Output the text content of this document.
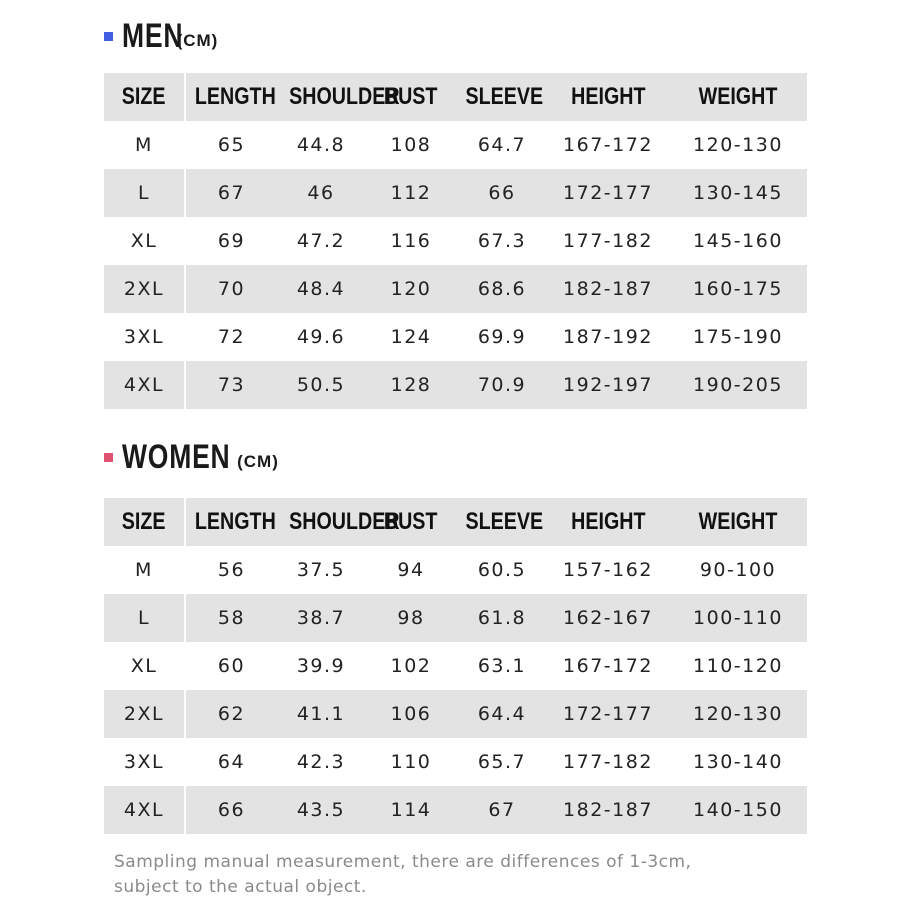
MEN
(CM)
SIZE	LENGTH	SHOULDER	BUST	SLEEVE	HEIGHT	WEIGHT
M	65	44.8	108	64.7	167-172	120-130
L	67	46	112	66	172-177	130-145
XL	69	47.2	116	67.3	177-182	145-160
2XL	70	48.4	120	68.6	182-187	160-175
3XL	72	49.6	124	69.9	187-192	175-190
4XL	73	50.5	128	70.9	192-197	190-205
WOMEN (CM)
SIZE	LENGTH	SHOULDER	BUST	SLEEVE	HEIGHT	WEIGHT
M	56	37.5	94	60.5	157-162	90-100
L	58	38.7	98	61.8	162-167	100-110
XL	60	39.9	102	63.1	167-172	110-120
2XL	62	41.1	106	64.4	172-177	120-130
3XL	64	42.3	110	65.7	177-182	130-140
4XL	66	43.5	114	67	182-187	140-150
Sampling manual measurement, there are differences of 1-3cm,
subject to the actual object.
